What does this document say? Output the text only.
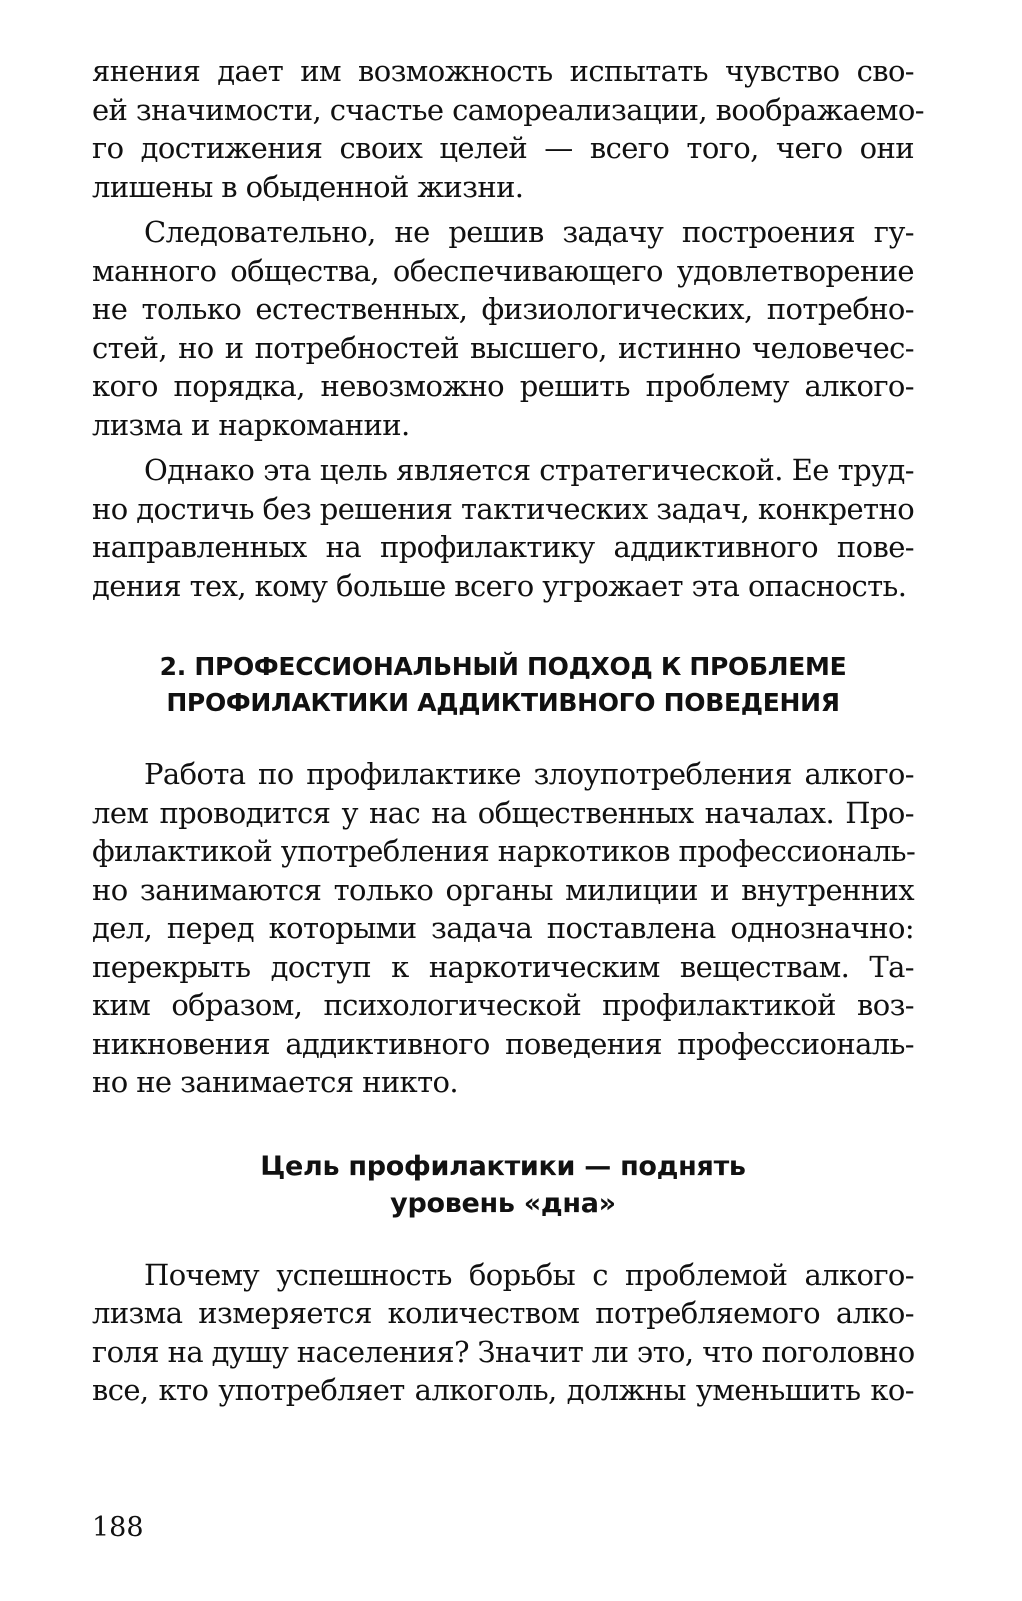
янения дает им возможность испытать чувство сво-
ей значимости, счастье самореализации, воображаемо-
го достижения своих целей — всего того, чего они
лишены в обыденной жизни.
Следовательно, не решив задачу построения гу-
манного общества, обеспечивающего удовлетворение
не только естественных, физиологических, потребно-
стей, но и потребностей высшего, истинно человечес-
кого порядка, невозможно решить проблему алкого-
лизма и наркомании.
Однако эта цель является стратегической. Ее труд-
но достичь без решения тактических задач, конкретно
направленных на профилактику аддиктивного пове-
дения тех, кому больше всего угрожает эта опасность.
2. ПРОФЕССИОНАЛЬНЫЙ ПОДХОД К ПРОБЛЕМЕ
ПРОФИЛАКТИКИ АДДИКТИВНОГО ПОВЕДЕНИЯ
Работа по профилактике злоупотребления алкого-
лем проводится у нас на общественных началах. Про-
филактикой употребления наркотиков профессиональ-
но занимаются только органы милиции и внутренних
дел, перед которыми задача поставлена однозначно:
перекрыть доступ к наркотическим веществам. Та-
ким образом, психологической профилактикой воз-
никновения аддиктивного поведения профессиональ-
но не занимается никто.
Цель профилактики — поднять
уровень «дна»
Почему успешность борьбы с проблемой алкого-
лизма измеряется количеством потребляемого алко-
голя на душу населения? Значит ли это, что поголовно
все, кто употребляет алкоголь, должны уменьшить ко-
188
